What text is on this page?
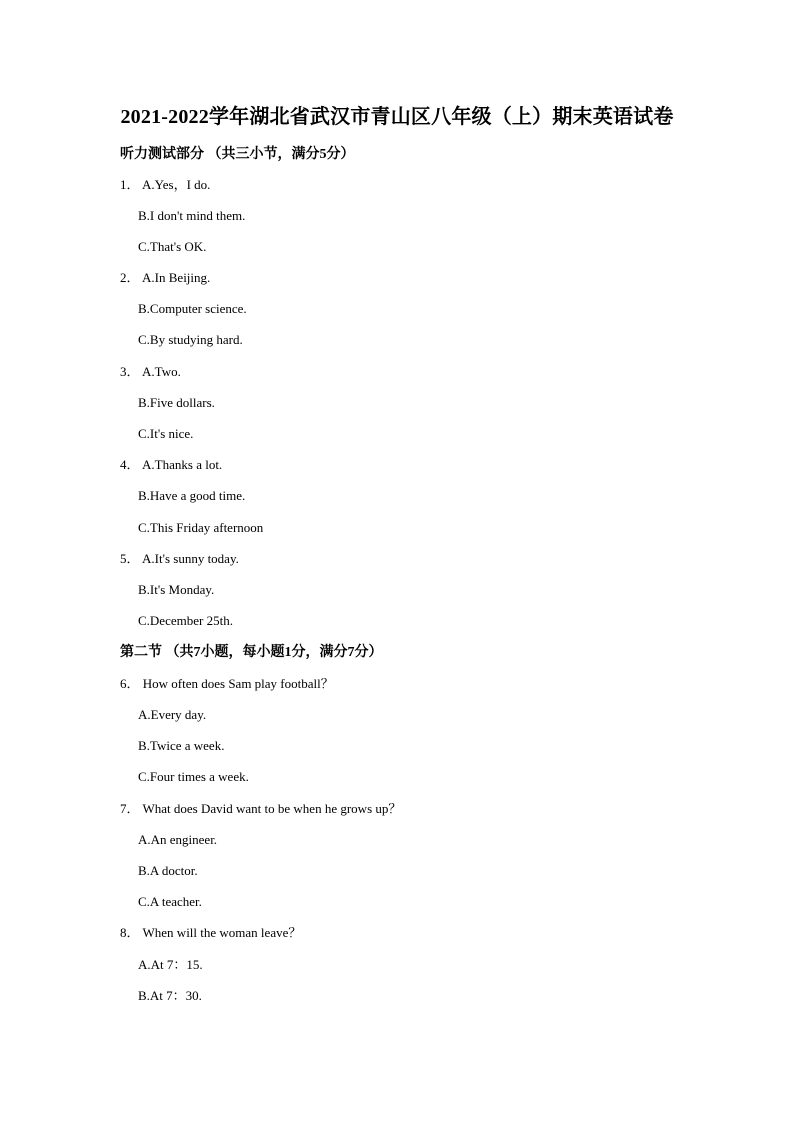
2021-2022学年湖北省武汉市青山区八年级（上）期末英语试卷
听力测试部分 （共三小节，满分5分）
1． A.Yes，I do.
B.I don't mind them.
C.That's OK.
2． A.In Beijing.
B.Computer science.
C.By studying hard.
3． A.Two.
B.Five dollars.
C.It's nice.
4． A.Thanks a lot.
B.Have a good time.
C.This Friday afternoon
5． A.It's sunny today.
B.It's Monday.
C.December 25th.
第二节 （共7小题，每小题1分，满分7分）
6． How often does Sam play football？
A.Every day.
B.Twice a week.
C.Four times a week.
7． What does David want to be when he grows up？
A.An engineer.
B.A doctor.
C.A teacher.
8． When will the woman leave？
A.At 7：15.
B.At 7：30.
